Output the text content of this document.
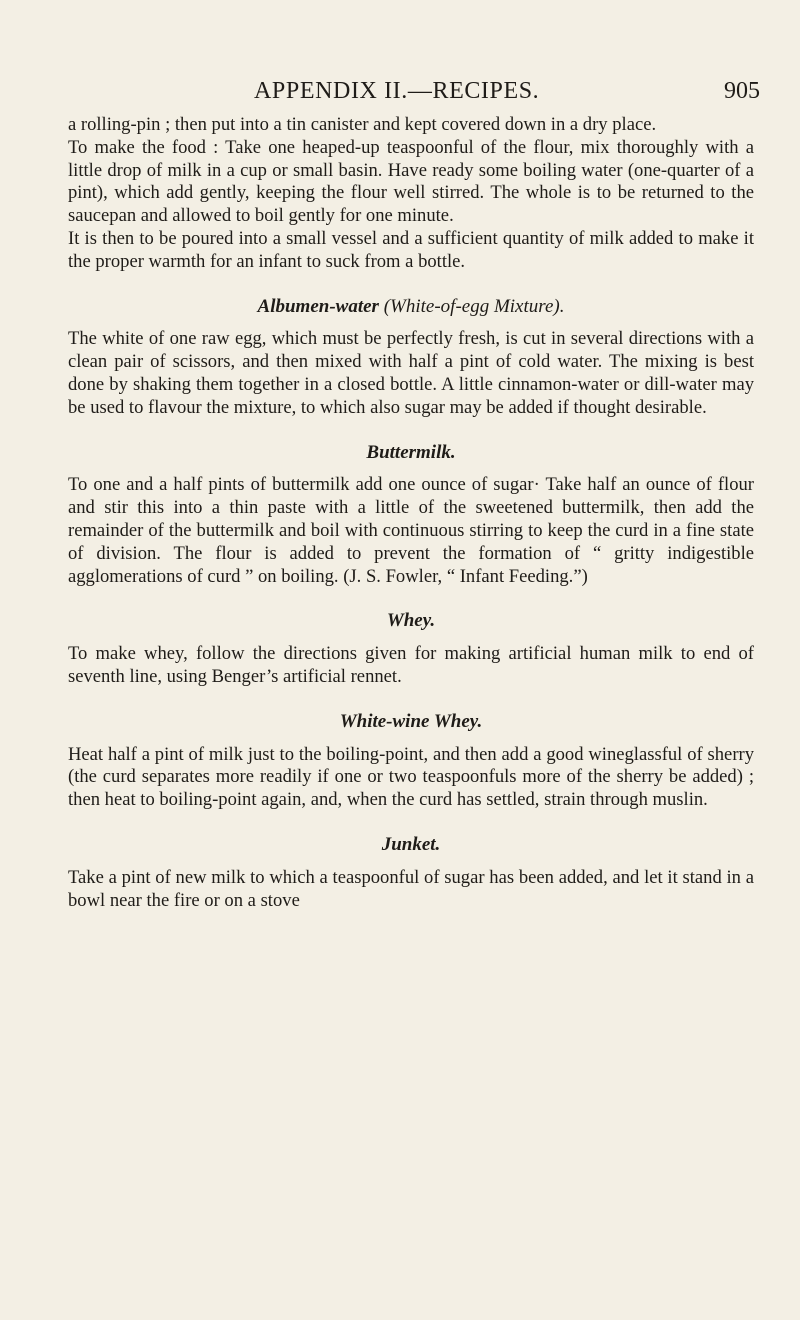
APPENDIX II.—RECIPES.	905

a rolling-pin ; then put into a tin canister and kept covered down in a dry place.

To make the food : Take one heaped-up teaspoonful of the flour, mix thoroughly with a little drop of milk in a cup or small basin. Have ready some boiling water (one-quarter of a pint), which add gently, keeping the flour well stirred. The whole is to be returned to the saucepan and allowed to boil gently for one minute.

It is then to be poured into a small vessel and a sufficient quantity of milk added to make it the proper warmth for an infant to suck from a bottle.

Albumen-water (White-of-egg Mixture).

The white of one raw egg, which must be perfectly fresh, is cut in several directions with a clean pair of scissors, and then mixed with half a pint of cold water. The mixing is best done by shaking them together in a closed bottle. A little cinnamon-water or dill-water may be used to flavour the mixture, to which also sugar may be added if thought desirable.

Buttermilk.

To one and a half pints of buttermilk add one ounce of sugar· Take half an ounce of flour and stir this into a thin paste with a little of the sweetened buttermilk, then add the remainder of the buttermilk and boil with continuous stirring to keep the curd in a fine state of division. The flour is added to prevent the formation of “ gritty indigestible agglomerations of curd ” on boiling. (J. S. Fowler, “ Infant Feeding.”)

Whey.

To make whey, follow the directions given for making artificial human milk to end of seventh line, using Benger’s artificial rennet.

White-wine Whey.

Heat half a pint of milk just to the boiling-point, and then add a good wineglassful of sherry (the curd separates more readily if one or two teaspoonfuls more of the sherry be added) ; then heat to boiling-point again, and, when the curd has settled, strain through muslin.

Junket.

Take a pint of new milk to which a teaspoonful of sugar has been added, and let it stand in a bowl near the fire or on a stove
